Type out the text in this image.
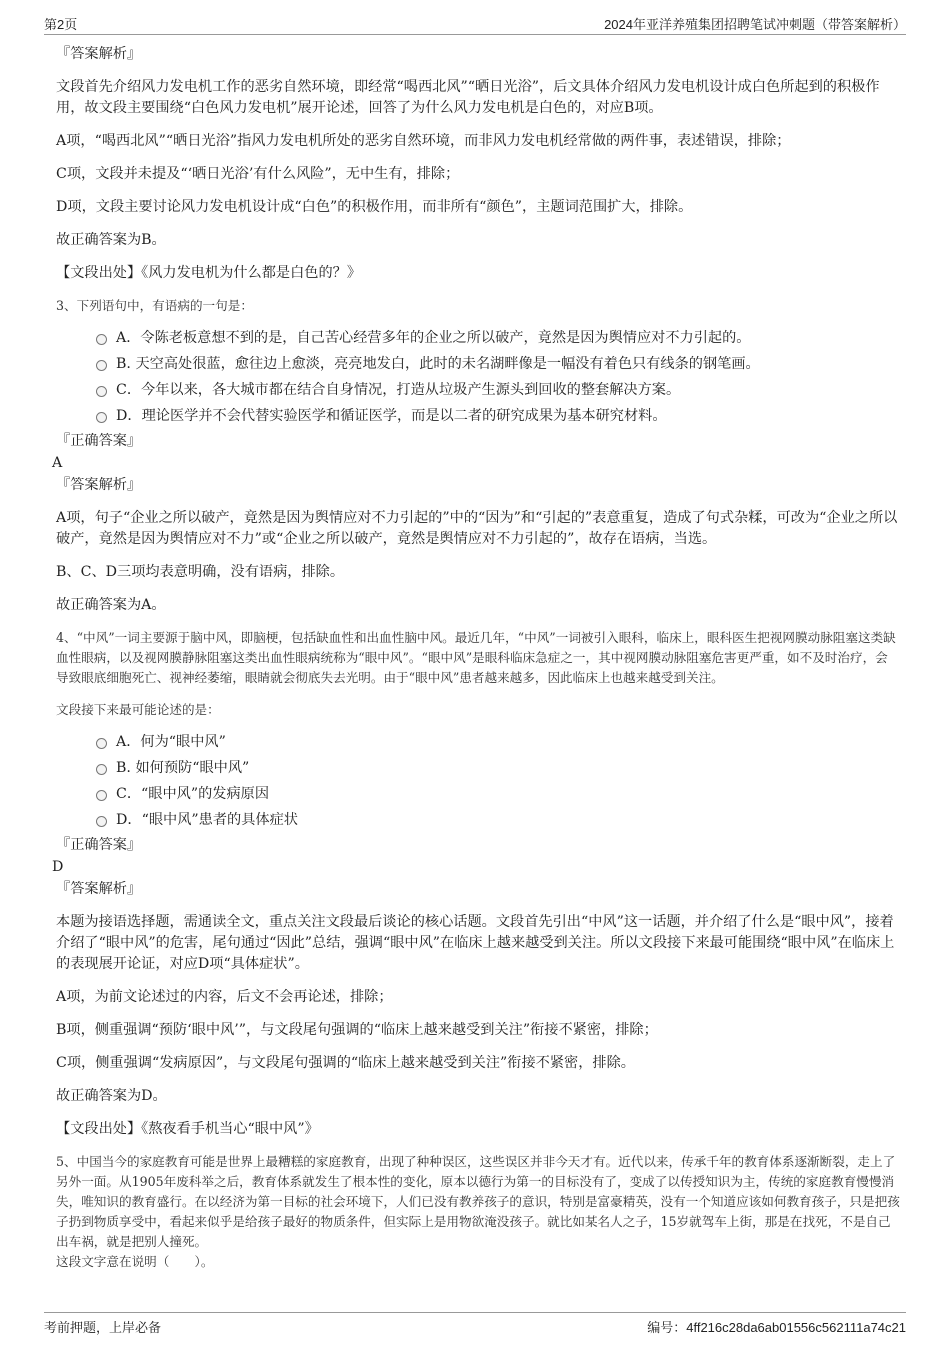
第2页	2024年亚洋养殖集团招聘笔试冲刺题（带答案解析）
『答案解析』
文段首先介绍风力发电机工作的恶劣自然环境，即经常“喝西北风”“晒日光浴”，后文具体介绍风力发电机设计成白色所起到的积极作用，故文段主要围绕“白色风力发电机”展开论述，回答了为什么风力发电机是白色的，对应B项。
A项，“喝西北风”“晒日光浴”指风力发电机所处的恶劣自然环境，而非风力发电机经常做的两件事，表述错误，排除；
C项，文段并未提及“‘晒日光浴’有什么风险”，无中生有，排除；
D项，文段主要讨论风力发电机设计成“白色”的积极作用，而非所有“颜色”，主题词范围扩大，排除。
故正确答案为B。
【文段出处】《风力发电机为什么都是白色的？》
3、下列语句中，有语病的一句是：
A．令陈老板意想不到的是，自己苦心经营多年的企业之所以破产，竟然是因为舆情应对不力引起的。
B. 天空高处很蓝，愈往边上愈淡，亮亮地发白，此时的未名湖畔像是一幅没有着色只有线条的钢笔画。
C．今年以来，各大城市都在结合自身情况，打造从垃圾产生源头到回收的整套解决方案。
D．理论医学并不会代替实验医学和循证医学，而是以二者的研究成果为基本研究材料。
『正确答案』
A
『答案解析』
A项，句子“企业之所以破产，竟然是因为舆情应对不力引起的”中的“因为”和“引起的”表意重复，造成了句式杂糅，可改为“企业之所以破产，竟然是因为舆情应对不力”或“企业之所以破产，竟然是舆情应对不力引起的”，故存在语病，当选。
B、C、D三项均表意明确，没有语病，排除。
故正确答案为A。
4、“中风”一词主要源于脑中风，即脑梗，包括缺血性和出血性脑中风。最近几年，“中风”一词被引入眼科，临床上，眼科医生把视网膜动脉阻塞这类缺血性眼病，以及视网膜静脉阻塞这类出血性眼病统称为“眼中风”。“眼中风”是眼科临床急症之一，其中视网膜动脉阻塞危害更严重，如不及时治疗，会导致眼底细胞死亡、视神经萎缩，眼睛就会彻底失去光明。由于“眼中风”患者越来越多，因此临床上也越来越受到关注。
文段接下来最可能论述的是：
A．何为“眼中风”
B. 如何预防“眼中风”
C．“眼中风”的发病原因
D．“眼中风”患者的具体症状
『正确答案』
D
『答案解析』
本题为接语选择题，需通读全文，重点关注文段最后谈论的核心话题。文段首先引出“中风”这一话题，并介绍了什么是“眼中风”，接着介绍了“眼中风”的危害，尾句通过“因此”总结，强调“眼中风”在临床上越来越受到关注。所以文段接下来最可能围绕“眼中风”在临床上的表现展开论证，对应D项“具体症状”。
A项，为前文论述过的内容，后文不会再论述，排除；
B项，侧重强调“预防‘眼中风’”，与文段尾句强调的“临床上越来越受到关注”衔接不紧密，排除；
C项，侧重强调“发病原因”，与文段尾句强调的“临床上越来越受到关注”衔接不紧密，排除。
故正确答案为D。
【文段出处】《熬夜看手机当心“眼中风”》
5、中国当今的家庭教育可能是世界上最糟糕的家庭教育，出现了种种误区，这些误区并非今天才有。近代以来，传承千年的教育体系逐渐断裂，走上了另外一面。从1905年废科举之后，教育体系就发生了根本性的变化，原本以德行为第一的目标没有了，变成了以传授知识为主，传统的家庭教育慢慢消失，唯知识的教育盛行。在以经济为第一目标的社会环境下，人们已没有教养孩子的意识，特别是富豪精英，没有一个知道应该如何教育孩子，只是把孩子扔到物质享受中，看起来似乎是给孩子最好的物质条件，但实际上是用物欲淹没孩子。就比如某名人之子，15岁就驾车上街，那是在找死，不是自己出车祸，就是把别人撞死。
这段文字意在说明（　　）。
考前押题，上岸必备	编号：4ff216c28da6ab01556c562111a74c21
